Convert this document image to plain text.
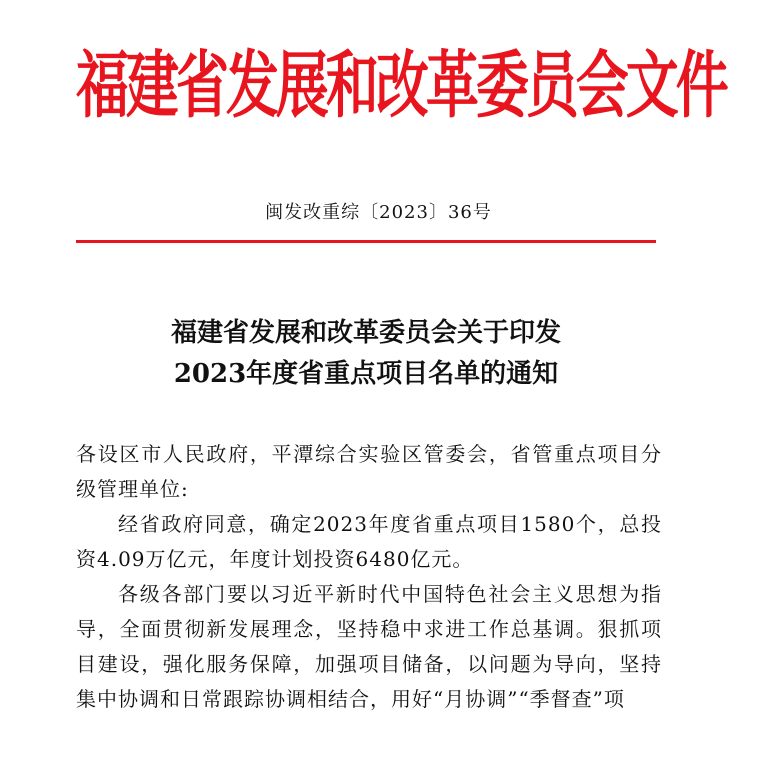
福建省发展和改革委员会文件
闽发改重综〔2023〕36号
福建省发展和改革委员会关于印发
2023年度省重点项目名单的通知

各设区市人民政府，平潭综合实验区管委会，省管重点项目分级管理单位:

经省政府同意，确定2023年度省重点项目1580个，总投资4.09万亿元，年度计划投资6480亿元。

各级各部门要以习近平新时代中国特色社会主义思想为指导，全面贯彻新发展理念，坚持稳中求进工作总基调。狠抓项目建设，强化服务保障，加强项目储备，以问题为导向，坚持集中协调和日常跟踪协调相结合，用好“月协调”“季督查”项
